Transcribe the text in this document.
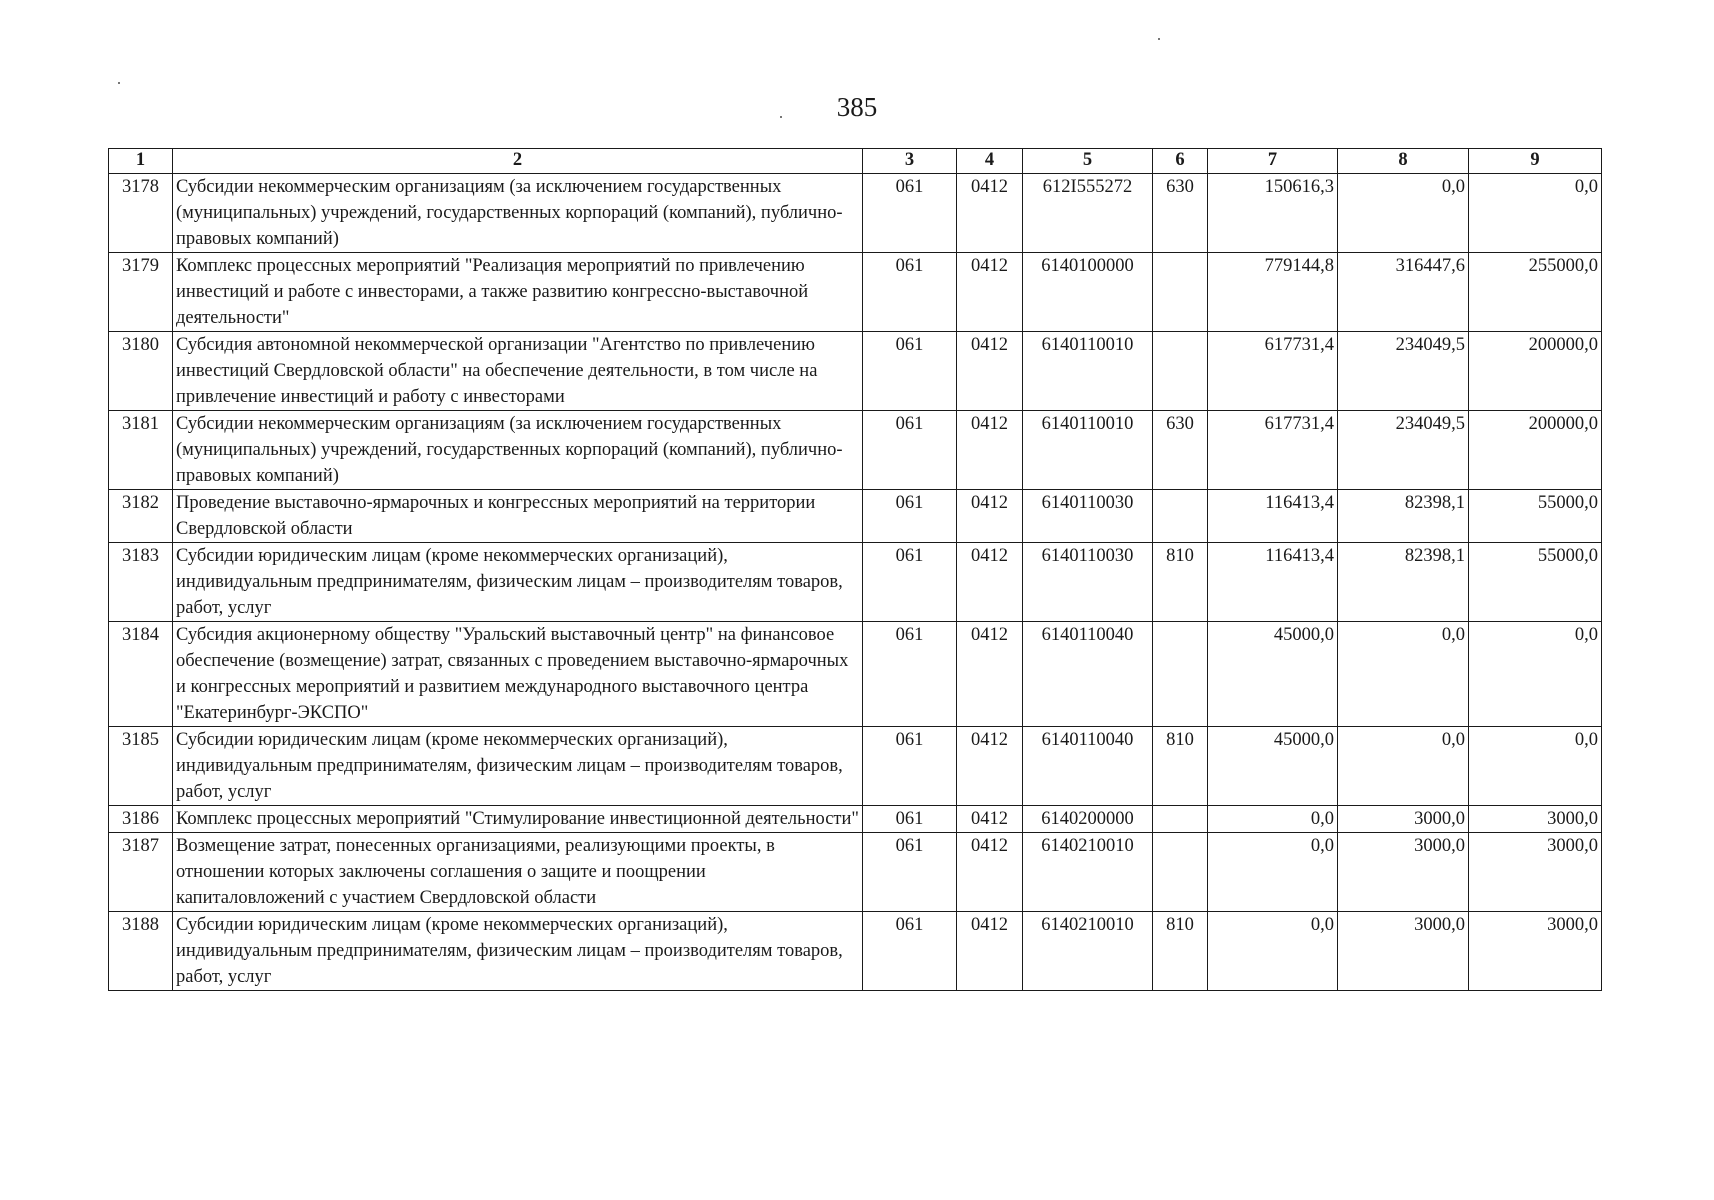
385
1	2	3	4	5	6	7	8	9
3178	Субсидии некоммерческим организациям (за исключением государственных (муниципальных) учреждений, государственных корпораций (компаний), публично-правовых компаний)	061	0412	612I555272	630	150616,3	0,0	0,0
3179	Комплекс процессных мероприятий "Реализация мероприятий по привлечению инвестиций и работе с инвесторами, а также развитию конгрессно-выставочной деятельности"	061	0412	6140100000		779144,8	316447,6	255000,0
3180	Субсидия автономной некоммерческой организации "Агентство по привлечению инвестиций Свердловской области" на обеспечение деятельности, в том числе на привлечение инвестиций и работу с инвесторами	061	0412	6140110010		617731,4	234049,5	200000,0
3181	Субсидии некоммерческим организациям (за исключением государственных (муниципальных) учреждений, государственных корпораций (компаний), публично-правовых компаний)	061	0412	6140110010	630	617731,4	234049,5	200000,0
3182	Проведение выставочно-ярмарочных и конгрессных мероприятий на территории Свердловской области	061	0412	6140110030		116413,4	82398,1	55000,0
3183	Субсидии юридическим лицам (кроме некоммерческих организаций), индивидуальным предпринимателям, физическим лицам – производителям товаров, работ, услуг	061	0412	6140110030	810	116413,4	82398,1	55000,0
3184	Субсидия акционерному обществу "Уральский выставочный центр" на финансовое обеспечение (возмещение) затрат, связанных с проведением выставочно-ярмарочных и конгрессных мероприятий и развитием международного выставочного центра "Екатеринбург-ЭКСПО"	061	0412	6140110040		45000,0	0,0	0,0
3185	Субсидии юридическим лицам (кроме некоммерческих организаций), индивидуальным предпринимателям, физическим лицам – производителям товаров, работ, услуг	061	0412	6140110040	810	45000,0	0,0	0,0
3186	Комплекс процессных мероприятий "Стимулирование инвестиционной деятельности"	061	0412	6140200000		0,0	3000,0	3000,0
3187	Возмещение затрат, понесенных организациями, реализующими проекты, в отношении которых заключены соглашения о защите и поощрении капиталовложений с участием Свердловской области	061	0412	6140210010		0,0	3000,0	3000,0
3188	Субсидии юридическим лицам (кроме некоммерческих организаций), индивидуальным предпринимателям, физическим лицам – производителям товаров, работ, услуг	061	0412	6140210010	810	0,0	3000,0	3000,0
